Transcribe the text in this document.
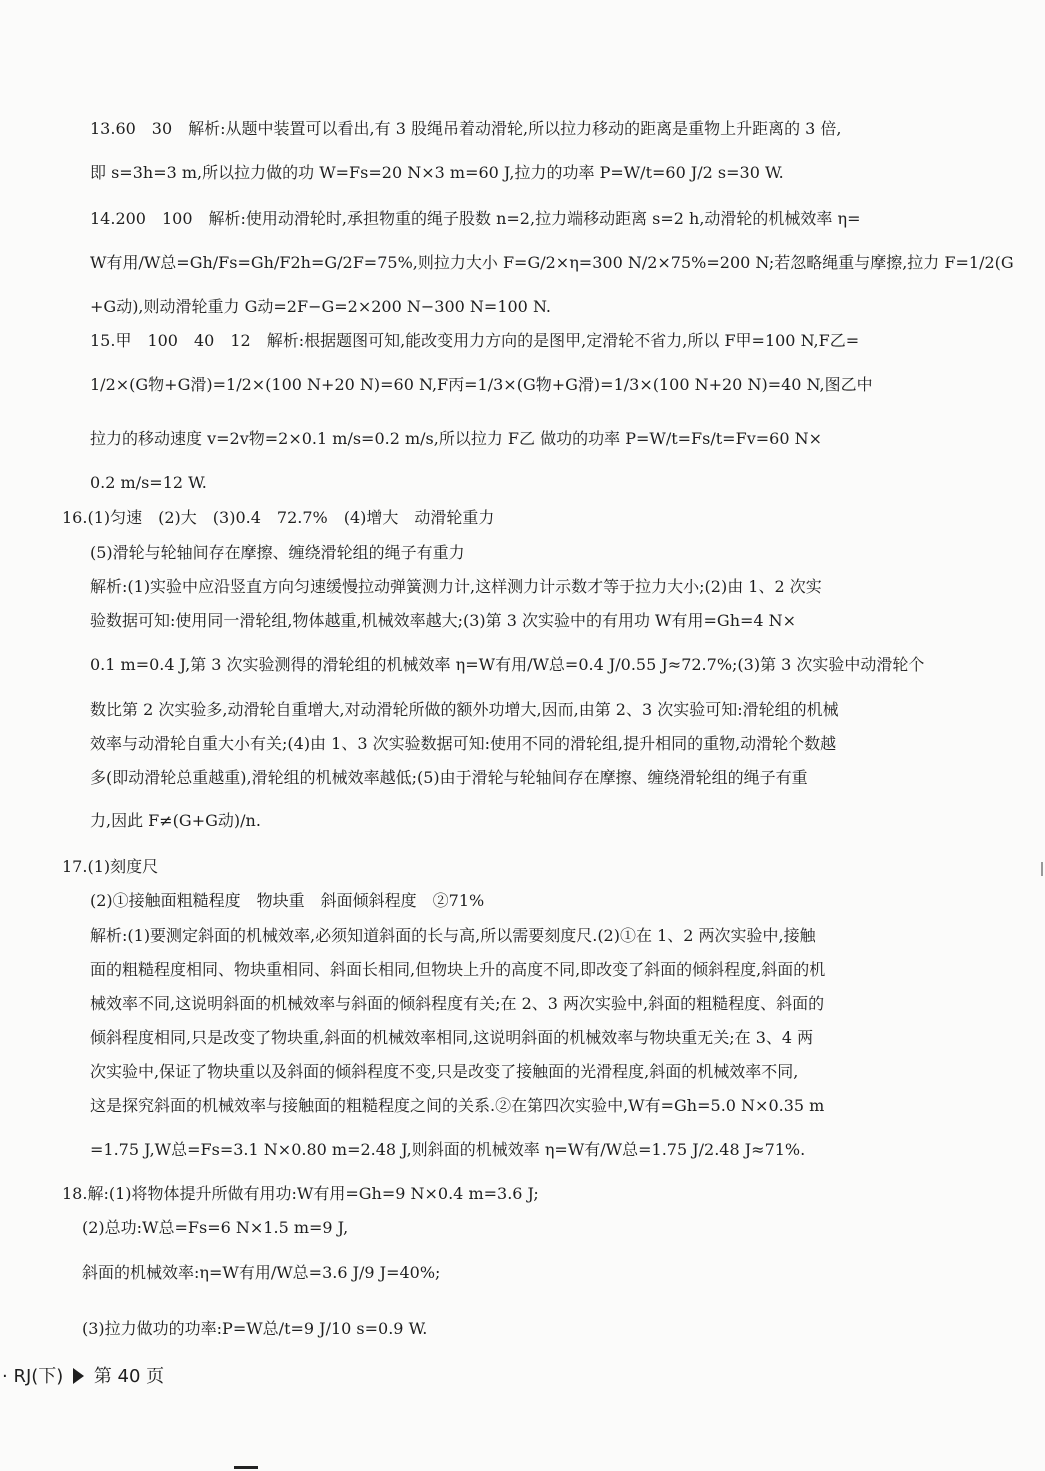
13.60　30　解析:从题中装置可以看出,有 3 股绳吊着动滑轮,所以拉力移动的距离是重物上升距离的 3 倍,
即 s=3h=3 m,所以拉力做的功 W=Fs=20 N×3 m=60 J,拉力的功率 P=W/t=60 J/2 s=30 W.
14.200　100　解析:使用动滑轮时,承担物重的绳子股数 n=2,拉力端移动距离 s=2 h,动滑轮的机械效率 η=
W有用/W总=Gh/Fs=Gh/F2h=G/2F=75%,则拉力大小 F=G/2×η=300 N/2×75%=200 N;若忽略绳重与摩擦,拉力 F=1/2(G
+G动),则动滑轮重力 G动=2F−G=2×200 N−300 N=100 N.
15.甲　100　40　12　解析:根据题图可知,能改变用力方向的是图甲,定滑轮不省力,所以 F甲=100 N,F乙=
1/2×(G物+G滑)=1/2×(100 N+20 N)=60 N,F丙=1/3×(G物+G滑)=1/3×(100 N+20 N)=40 N,图乙中
拉力的移动速度 v=2v物=2×0.1 m/s=0.2 m/s,所以拉力 F乙 做功的功率 P=W/t=Fs/t=Fv=60 N×
0.2 m/s=12 W.
16.(1)匀速　(2)大　(3)0.4　72.7%　(4)增大　动滑轮重力
(5)滑轮与轮轴间存在摩擦、缠绕滑轮组的绳子有重力
解析:(1)实验中应沿竖直方向匀速缓慢拉动弹簧测力计,这样测力计示数才等于拉力大小;(2)由 1、2 次实
验数据可知:使用同一滑轮组,物体越重,机械效率越大;(3)第 3 次实验中的有用功 W有用=Gh=4 N×
0.1 m=0.4 J,第 3 次实验测得的滑轮组的机械效率 η=W有用/W总=0.4 J/0.55 J≈72.7%;(3)第 3 次实验中动滑轮个
数比第 2 次实验多,动滑轮自重增大,对动滑轮所做的额外功增大,因而,由第 2、3 次实验可知:滑轮组的机械
效率与动滑轮自重大小有关;(4)由 1、3 次实验数据可知:使用不同的滑轮组,提升相同的重物,动滑轮个数越
多(即动滑轮总重越重),滑轮组的机械效率越低;(5)由于滑轮与轮轴间存在摩擦、缠绕滑轮组的绳子有重
力,因此 F≠(G+G动)/n.
17.(1)刻度尺
(2)①接触面粗糙程度　物块重　斜面倾斜程度　②71%
解析:(1)要测定斜面的机械效率,必须知道斜面的长与高,所以需要刻度尺.(2)①在 1、2 两次实验中,接触
面的粗糙程度相同、物块重相同、斜面长相同,但物块上升的高度不同,即改变了斜面的倾斜程度,斜面的机
械效率不同,这说明斜面的机械效率与斜面的倾斜程度有关;在 2、3 两次实验中,斜面的粗糙程度、斜面的
倾斜程度相同,只是改变了物块重,斜面的机械效率相同,这说明斜面的机械效率与物块重无关;在 3、4 两
次实验中,保证了物块重以及斜面的倾斜程度不变,只是改变了接触面的光滑程度,斜面的机械效率不同,
这是探究斜面的机械效率与接触面的粗糙程度之间的关系.②在第四次实验中,W有=Gh=5.0 N×0.35 m
=1.75 J,W总=Fs=3.1 N×0.80 m=2.48 J,则斜面的机械效率 η=W有/W总=1.75 J/2.48 J≈71%.
18.解:(1)将物体提升所做有用功:W有用=Gh=9 N×0.4 m=3.6 J;
(2)总功:W总=Fs=6 N×1.5 m=9 J,
斜面的机械效率:η=W有用/W总=3.6 J/9 J=40%;
(3)拉力做功的功率:P=W总/t=9 J/10 s=0.9 W.
· RJ(下) 第 40 页
